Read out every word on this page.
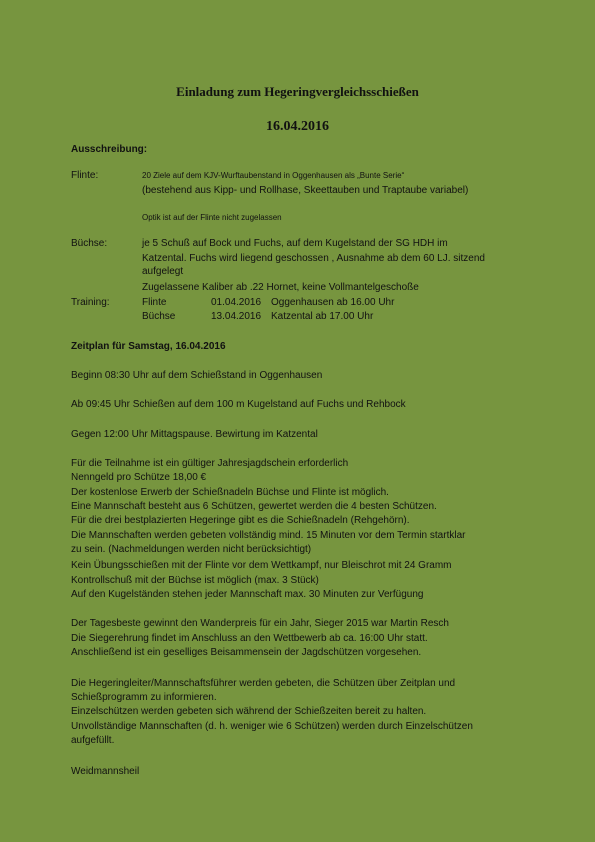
Einladung zum Hegeringvergleichsschießen
16.04.2016
Ausschreibung:
Flinte:	20 Ziele auf dem KJV-Wurftaubenstand in Oggenhausen als „Bunte Serie“
(bestehend aus Kipp- und Rollhase, Skeettauben und Traptaube variabel)
Optik ist auf der Flinte nicht zugelassen
Büchse:	je 5 Schuß auf Bock und Fuchs, auf dem Kugelstand der SG HDH im
Katzental. Fuchs wird liegend geschossen , Ausnahme ab dem 60 LJ. sitzend
aufgelegt
Zugelassene Kaliber ab .22 Hornet, keine Vollmantelgeschoße
Training:	Flinte	01.04.2016 Oggenhausen ab 16.00 Uhr
Büchse	13.04.2016 Katzental ab 17.00 Uhr
Zeitplan für Samstag, 16.04.2016
Beginn 08:30 Uhr auf dem Schießstand in Oggenhausen
Ab 09:45 Uhr Schießen auf dem 100 m Kugelstand auf Fuchs und Rehbock
Gegen 12:00 Uhr Mittagspause. Bewirtung im Katzental
Für die Teilnahme ist ein gültiger Jahresjagdschein erforderlich
Nenngeld pro Schütze 18,00 €
Der kostenlose Erwerb der Schießnadeln Büchse und Flinte ist möglich.
Eine Mannschaft besteht aus 6 Schützen, gewertet werden die 4 besten Schützen.
Für die drei bestplazierten Hegeringe gibt es die Schießnadeln (Rehgehörn).
Die Mannschaften werden gebeten vollständig mind. 15 Minuten vor dem Termin startklar
zu sein. (Nachmeldungen werden nicht berücksichtigt)
Kein Übungsschießen mit der Flinte vor dem Wettkampf, nur Bleischrot mit 24 Gramm
Kontrollschuß mit der Büchse ist möglich (max. 3 Stück)
Auf den Kugelständen stehen jeder Mannschaft max. 30 Minuten zur Verfügung
Der Tagesbeste gewinnt den Wanderpreis für ein Jahr, Sieger 2015 war Martin Resch
Die Siegerehrung findet im Anschluss an den Wettbewerb ab ca. 16:00 Uhr statt.
Anschließend ist ein geselliges Beisammensein der Jagdschützen vorgesehen.
Die Hegeringleiter/Mannschaftsführer werden gebeten, die Schützen über Zeitplan und
Schießprogramm zu informieren.
Einzelschützen werden gebeten sich während der Schießzeiten bereit zu halten.
Unvollständige Mannschaften (d. h. weniger wie 6 Schützen) werden durch Einzelschützen
aufgefüllt.
Weidmannsheil
